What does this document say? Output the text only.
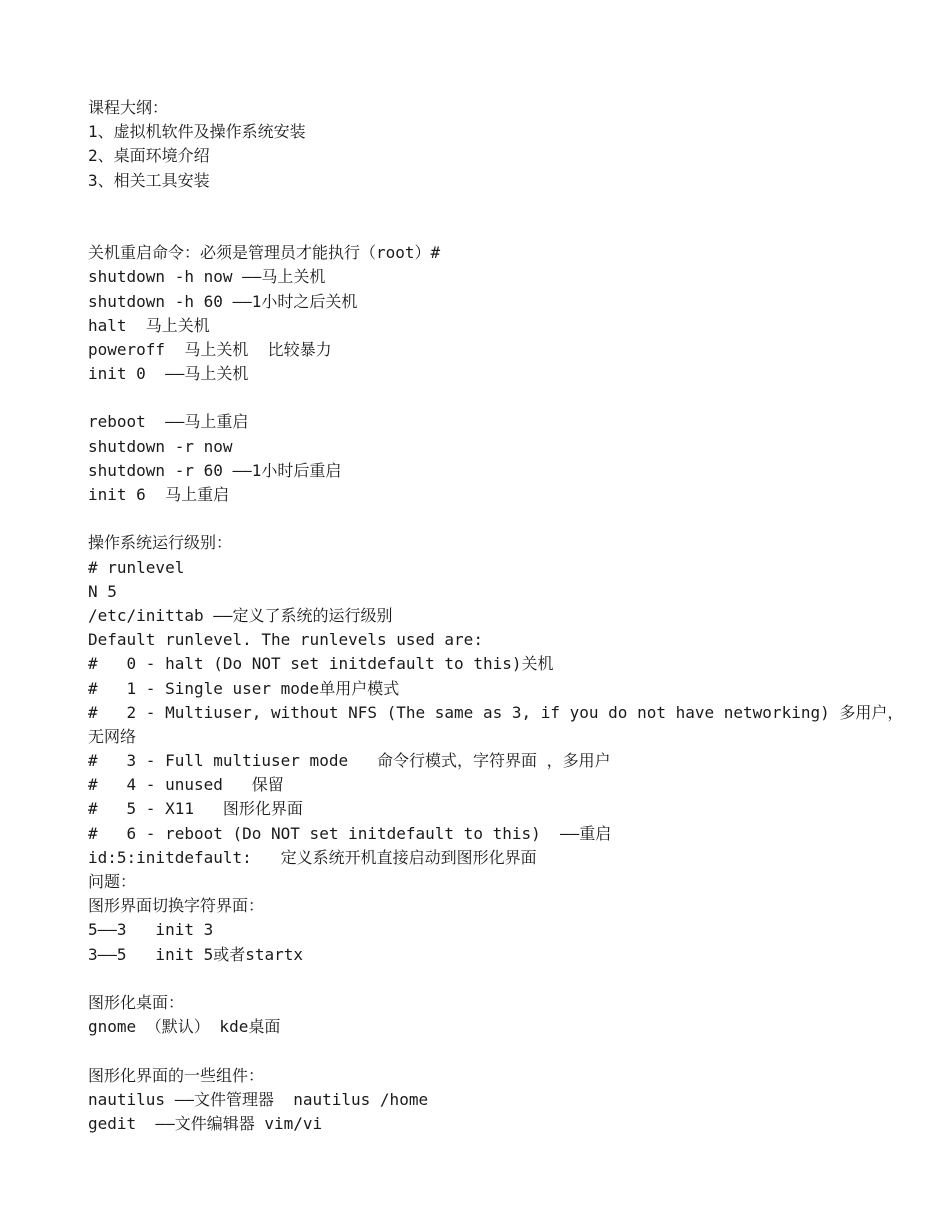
课程大纲：
1、虚拟机软件及操作系统安装
2、桌面环境介绍
3、相关工具安装
关机重启命令：必须是管理员才能执行（root）#
shutdown -h now ——马上关机
shutdown -h 60 ——1小时之后关机
halt  马上关机
poweroff  马上关机  比较暴力
init 0  ——马上关机
reboot  ——马上重启
shutdown -r now
shutdown -r 60 ——1小时后重启
init 6  马上重启
操作系统运行级别：
# runlevel
N 5
/etc/inittab ——定义了系统的运行级别
Default runlevel. The runlevels used are:
#   0 - halt (Do NOT set initdefault to this)关机
#   1 - Single user mode单用户模式
#   2 - Multiuser, without NFS (The same as 3, if you do not have networking) 多用户，无网络
#   3 - Full multiuser mode   命令行模式，字符界面 ，多用户
#   4 - unused   保留
#   5 - X11   图形化界面
#   6 - reboot (Do NOT set initdefault to this)  ——重启
id:5:initdefault:   定义系统开机直接启动到图形化界面
问题：
图形界面切换字符界面：
5——3   init 3
3——5   init 5或者startx
图形化桌面：
gnome （默认） kde桌面
图形化界面的一些组件：
nautilus ——文件管理器  nautilus /home
gedit  ——文件编辑器 vim/vi
